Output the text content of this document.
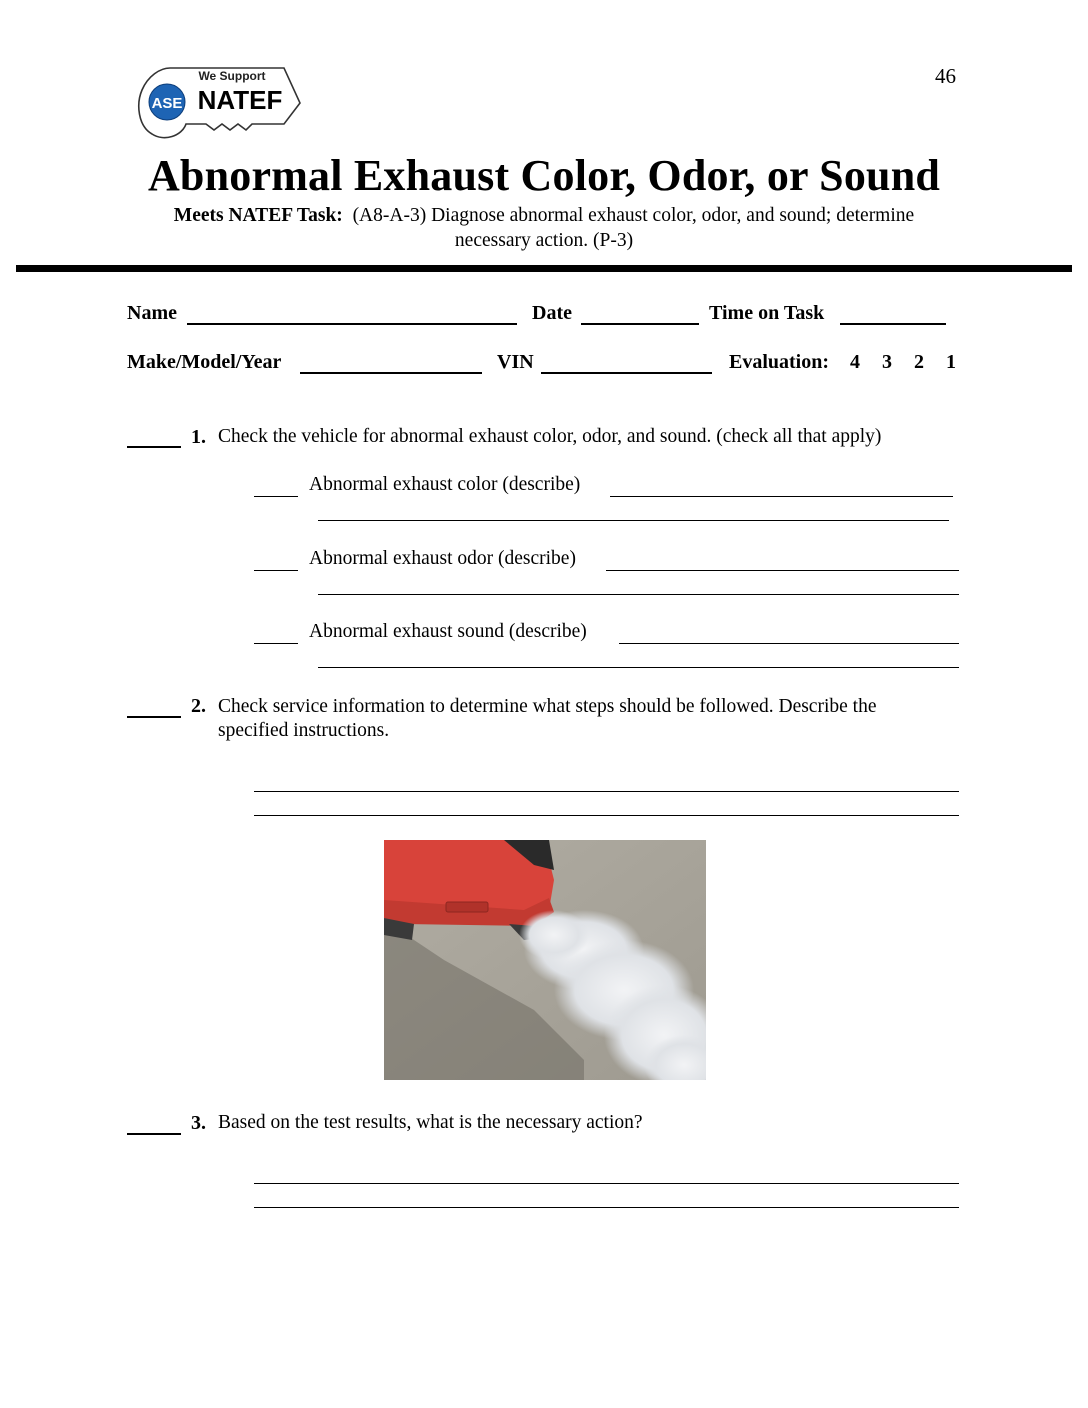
46
ASE
We Support
NATEF
Abnormal Exhaust Color, Odor, or Sound
Meets NATEF Task: (A8-A-3) Diagnose abnormal exhaust color, odor, and sound; determine
necessary action. (P-3)
Name	Date	Time on Task
Make/Model/Year	VIN	Evaluation: 4 3 2 1
1. Check the vehicle for abnormal exhaust color, odor, and sound. (check all that apply)
Abnormal exhaust color (describe)
Abnormal exhaust odor (describe)
Abnormal exhaust sound (describe)
2. Check service information to determine what steps should be followed. Describe the
specified instructions.
3. Based on the test results, what is the necessary action?
